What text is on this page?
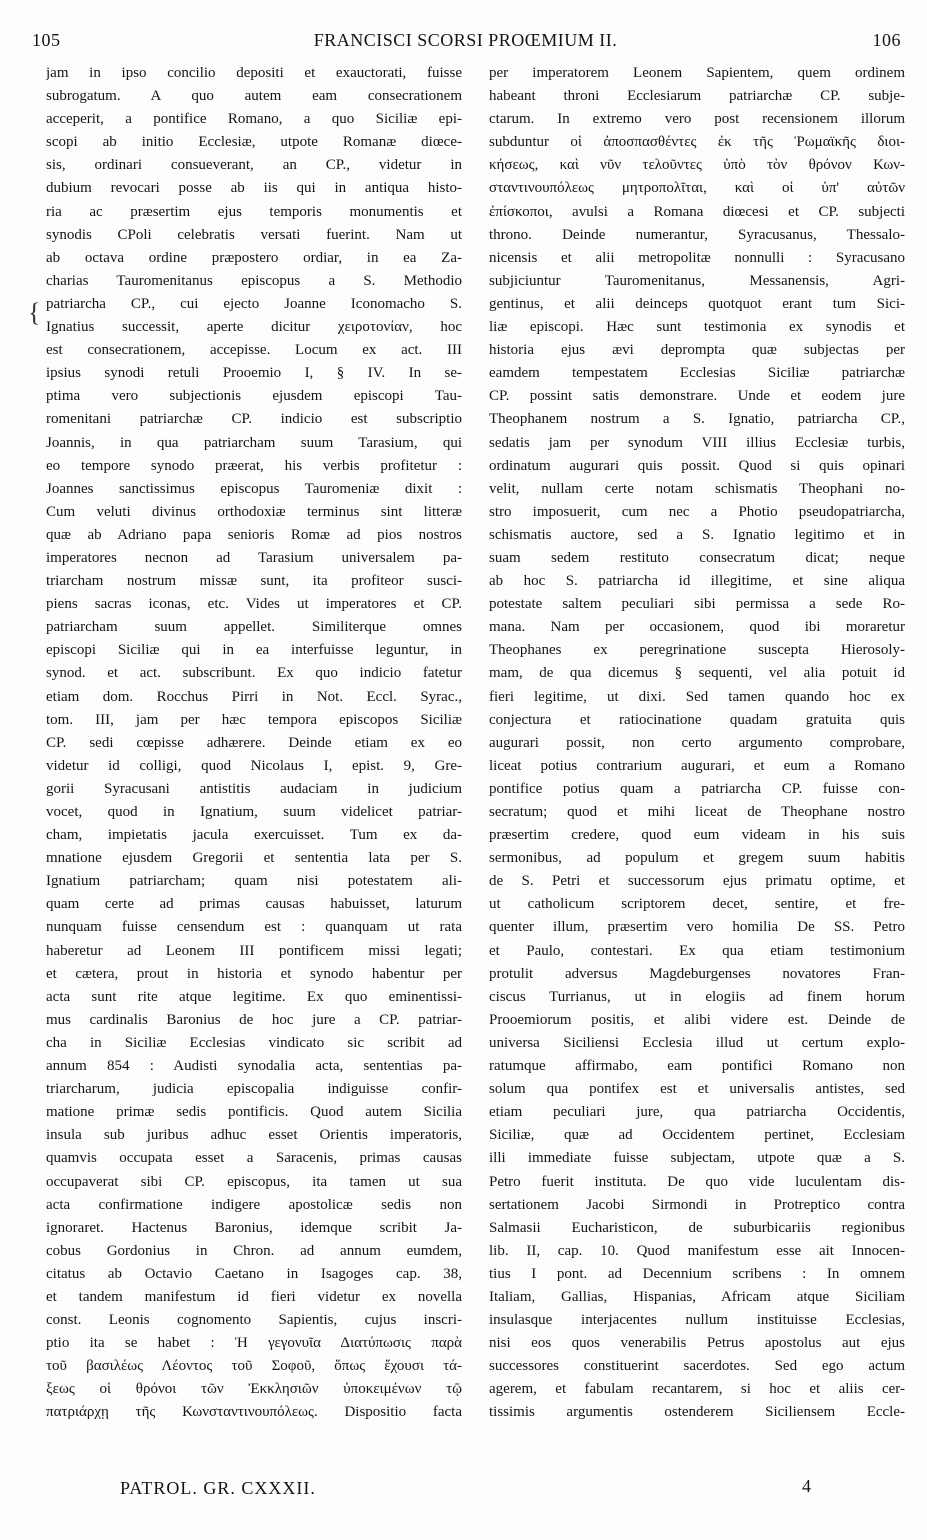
105	FRANCISCI SCORSI PROŒMIUM II.	106
{
jam in ipso concilio depositi et exauctorati, fuisse
subrogatum. A quo autem eam consecrationem
acceperit, a pontifice Romano, a quo Siciliæ epi-
scopi ab initio Ecclesiæ, utpote Romanæ diœce-
sis, ordinari consueverant, an CP., videtur in
dubium revocari posse ab iis qui in antiqua histo-
ria ac præsertim ejus temporis monumentis et
synodis CPoli celebratis versati fuerint. Nam ut
ab octava ordine præpostero ordiar, in ea Za-
charias Tauromenitanus episcopus a S. Methodio
patriarcha CP., cui ejecto Joanne Iconomacho S.
Ignatius successit, aperte dicitur χειροτονίαν, hoc
est consecrationem, accepisse. Locum ex act. III
ipsius synodi retuli Prooemio I, § IV. In se-
ptima vero subjectionis ejusdem episcopi Tau-
romenitani patriarchæ CP. indicio est subscriptio
Joannis, in qua patriarcham suum Tarasium, qui
eo tempore synodo præerat, his verbis profitetur :
Joannes sanctissimus episcopus Tauromeniæ dixit :
Cum veluti divinus orthodoxiæ terminus sint litteræ
quæ ab Adriano papa senioris Romæ ad pios nostros
imperatores necnon ad Tarasium universalem pa-
triarcham nostrum missæ sunt, ita profiteor susci-
piens sacras iconas, etc. Vides ut imperatores et CP.
patriarcham suum appellet. Similiterque omnes
episcopi Siciliæ qui in ea interfuisse leguntur, in
synod. et act. subscribunt. Ex quo indicio fatetur
etiam dom. Rocchus Pirri in Not. Eccl. Syrac.,
tom. III, jam per hæc tempora episcopos Siciliæ
CP. sedi cœpisse adhærere. Deinde etiam ex eo
videtur id colligi, quod Nicolaus I, epist. 9, Gre-
gorii Syracusani antistitis audaciam in judicium
vocet, quod in Ignatium, suum videlicet patriar-
cham, impietatis jacula exercuisset. Tum ex da-
mnatione ejusdem Gregorii et sententia lata per S.
Ignatium patriarcham; quam nisi potestatem ali-
quam certe ad primas causas habuisset, laturum
nunquam fuisse censendum est : quanquam ut rata
haberetur ad Leonem III pontificem missi legati;
et cætera, prout in historia et synodo habentur per
acta sunt rite atque legitime. Ex quo eminentissi-
mus cardinalis Baronius de hoc jure a CP. patriar-
cha in Siciliæ Ecclesias vindicato sic scribit ad
annum 854 : Audisti synodalia acta, sententias pa-
triarcharum, judicia episcopalia indiguisse confir-
matione primæ sedis pontificis. Quod autem Sicilia
insula sub juribus adhuc esset Orientis imperatoris,
quamvis occupata esset a Saracenis, primas causas
occupaverat sibi CP. episcopus, ita tamen ut sua
acta confirmatione indigere apostolicæ sedis non
ignoraret. Hactenus Baronius, idemque scribit Ja-
cobus Gordonius in Chron. ad annum eumdem,
citatus ab Octavio Caetano in Isagoges cap. 38,
et tandem manifestum id fieri videtur ex novella
const. Leonis cognomento Sapientis, cujus inscri-
ptio ita se habet : Ἡ γεγονυῖα Διατύπωσις παρὰ
τοῦ βασιλέως Λέοντος τοῦ Σοφοῦ, ὅπως ἔχουσι τά-
ξεως οἱ θρόνοι τῶν Ἐκκλησιῶν ὑποκειμένων τῷ
πατριάρχῃ τῆς Κωνσταντινουπόλεως. Dispositio facta
per imperatorem Leonem Sapientem, quem ordinem
habeant throni Ecclesiarum patriarchæ CP. subje-
ctarum. In extremo vero post recensionem illorum
subduntur οἱ ἀποσπασθέντες ἐκ τῆς Ῥωμαϊκῆς διοι-
κήσεως, καὶ νῦν τελοῦντες ὑπὸ τὸν θρόνον Κων-
σταντινουπόλεως μητροπολῖται, καὶ οἱ ὑπ' αὐτῶν
ἐπίσκοποι, avulsi a Romana diœcesi et CP. subjecti
throno. Deinde numerantur, Syracusanus, Thessalo-
nicensis et alii metropolitæ nonnulli : Syracusano
subjiciuntur Tauromenitanus, Messanensis, Agri-
gentinus, et alii deinceps quotquot erant tum Sici-
liæ episcopi. Hæc sunt testimonia ex synodis et
historia ejus ævi deprompta quæ subjectas per
eamdem tempestatem Ecclesias Siciliæ patriarchæ
CP. possint satis demonstrare. Unde et eodem jure
Theophanem nostrum a S. Ignatio, patriarcha CP.,
sedatis jam per synodum VIII illius Ecclesiæ turbis,
ordinatum augurari quis possit. Quod si quis opinari
velit, nullam certe notam schismatis Theophani no-
stro imposuerit, cum nec a Photio pseudopatriarcha,
schismatis auctore, sed a S. Ignatio legitimo et in
suam sedem restituto consecratum dicat; neque
ab hoc S. patriarcha id illegitime, et sine aliqua
potestate saltem peculiari sibi permissa a sede Ro-
mana. Nam per occasionem, quod ibi moraretur
Theophanes ex peregrinatione suscepta Hierosoly-
mam, de qua dicemus § sequenti, vel alia potuit id
fieri legitime, ut dixi. Sed tamen quando hoc ex
conjectura et ratiocinatione quadam gratuita quis
augurari possit, non certo argumento comprobare,
liceat potius contrarium augurari, et eum a Romano
pontifice potius quam a patriarcha CP. fuisse con-
secratum; quod et mihi liceat de Theophane nostro
præsertim credere, quod eum videam in his suis
sermonibus, ad populum et gregem suum habitis
de S. Petri et successorum ejus primatu optime, et
ut catholicum scriptorem decet, sentire, et fre-
quenter illum, præsertim vero homilia De SS. Petro
et Paulo, contestari. Ex qua etiam testimonium
protulit adversus Magdeburgenses novatores Fran-
ciscus Turrianus, ut in elogiis ad finem horum
Prooemiorum positis, et alibi videre est. Deinde de
universa Siciliensi Ecclesia illud ut certum explo-
ratumque affirmabo, eam pontifici Romano non
solum qua pontifex est et universalis antistes, sed
etiam peculiari jure, qua patriarcha Occidentis,
Siciliæ, quæ ad Occidentem pertinet, Ecclesiam
illi immediate fuisse subjectam, utpote quæ a S.
Petro fuerit instituta. De quo vide luculentam dis-
sertationem Jacobi Sirmondi in Protreptico contra
Salmasii Eucharisticon, de suburbicariis regionibus
lib. II, cap. 10. Quod manifestum esse ait Innocen-
tius I pont. ad Decennium scribens : In omnem
Italiam, Gallias, Hispanias, Africam atque Siciliam
insulasque interjacentes nullum instituisse Ecclesias,
nisi eos quos venerabilis Petrus apostolus aut ejus
successores constituerint sacerdotes. Sed ego actum
agerem, et fabulam recantarem, si hoc et aliis cer-
tissimis argumentis ostenderem Siciliensem Eccle-
PATROL. GR. CXXXII.	4
